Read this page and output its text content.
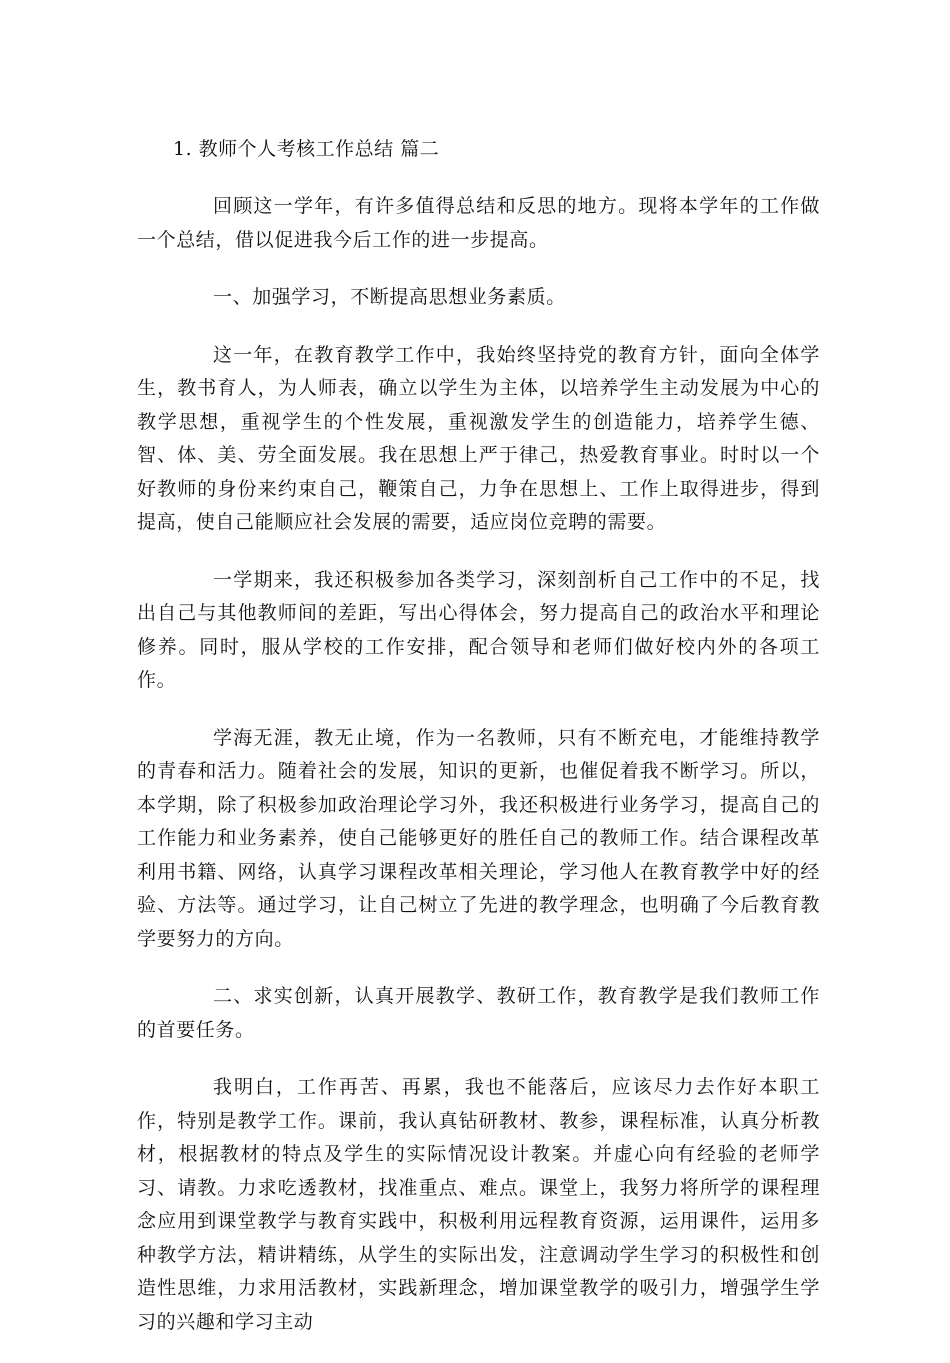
1. 教师个人考核工作总结 篇二

回顾这一学年，有许多值得总结和反思的地方。现将本学年的工作做一个总结，借以促进我今后工作的进一步提高。

一、加强学习，不断提高思想业务素质。

这一年，在教育教学工作中，我始终坚持党的教育方针，面向全体学生，教书育人，为人师表，确立以学生为主体，以培养学生主动发展为中心的教学思想，重视学生的个性发展，重视激发学生的创造能力，培养学生德、智、体、美、劳全面发展。我在思想上严于律己，热爱教育事业。时时以一个好教师的身份来约束自己，鞭策自己，力争在思想上、工作上取得进步，得到提高，使自己能顺应社会发展的需要，适应岗位竞聘的需要。

一学期来，我还积极参加各类学习，深刻剖析自己工作中的不足，找出自己与其他教师间的差距，写出心得体会，努力提高自己的政治水平和理论修养。同时，服从学校的工作安排，配合领导和老师们做好校内外的各项工作。

学海无涯，教无止境，作为一名教师，只有不断充电，才能维持教学的青春和活力。随着社会的发展，知识的更新，也催促着我不断学习。所以，本学期，除了积极参加政治理论学习外，我还积极进行业务学习，提高自己的工作能力和业务素养，使自己能够更好的胜任自己的教师工作。结合课程改革利用书籍、网络，认真学习课程改革相关理论，学习他人在教育教学中好的经验、方法等。通过学习，让自己树立了先进的教学理念，也明确了今后教育教学要努力的方向。

二、求实创新，认真开展教学、教研工作，教育教学是我们教师工作的首要任务。

我明白，工作再苦、再累，我也不能落后，应该尽力去作好本职工作，特别是教学工作。课前，我认真钻研教材、教参，课程标准，认真分析教材，根据教材的特点及学生的实际情况设计教案。并虚心向有经验的老师学习、请教。力求吃透教材，找准重点、难点。课堂上，我努力将所学的课程理念应用到课堂教学与教育实践中，积极利用远程教育资源，运用课件，运用多种教学方法，精讲精练，从学生的实际出发，注意调动学生学习的积极性和创造性思维，力求用活教材，实践新理念，增加课堂教学的吸引力，增强学生学习的兴趣和学习主动
